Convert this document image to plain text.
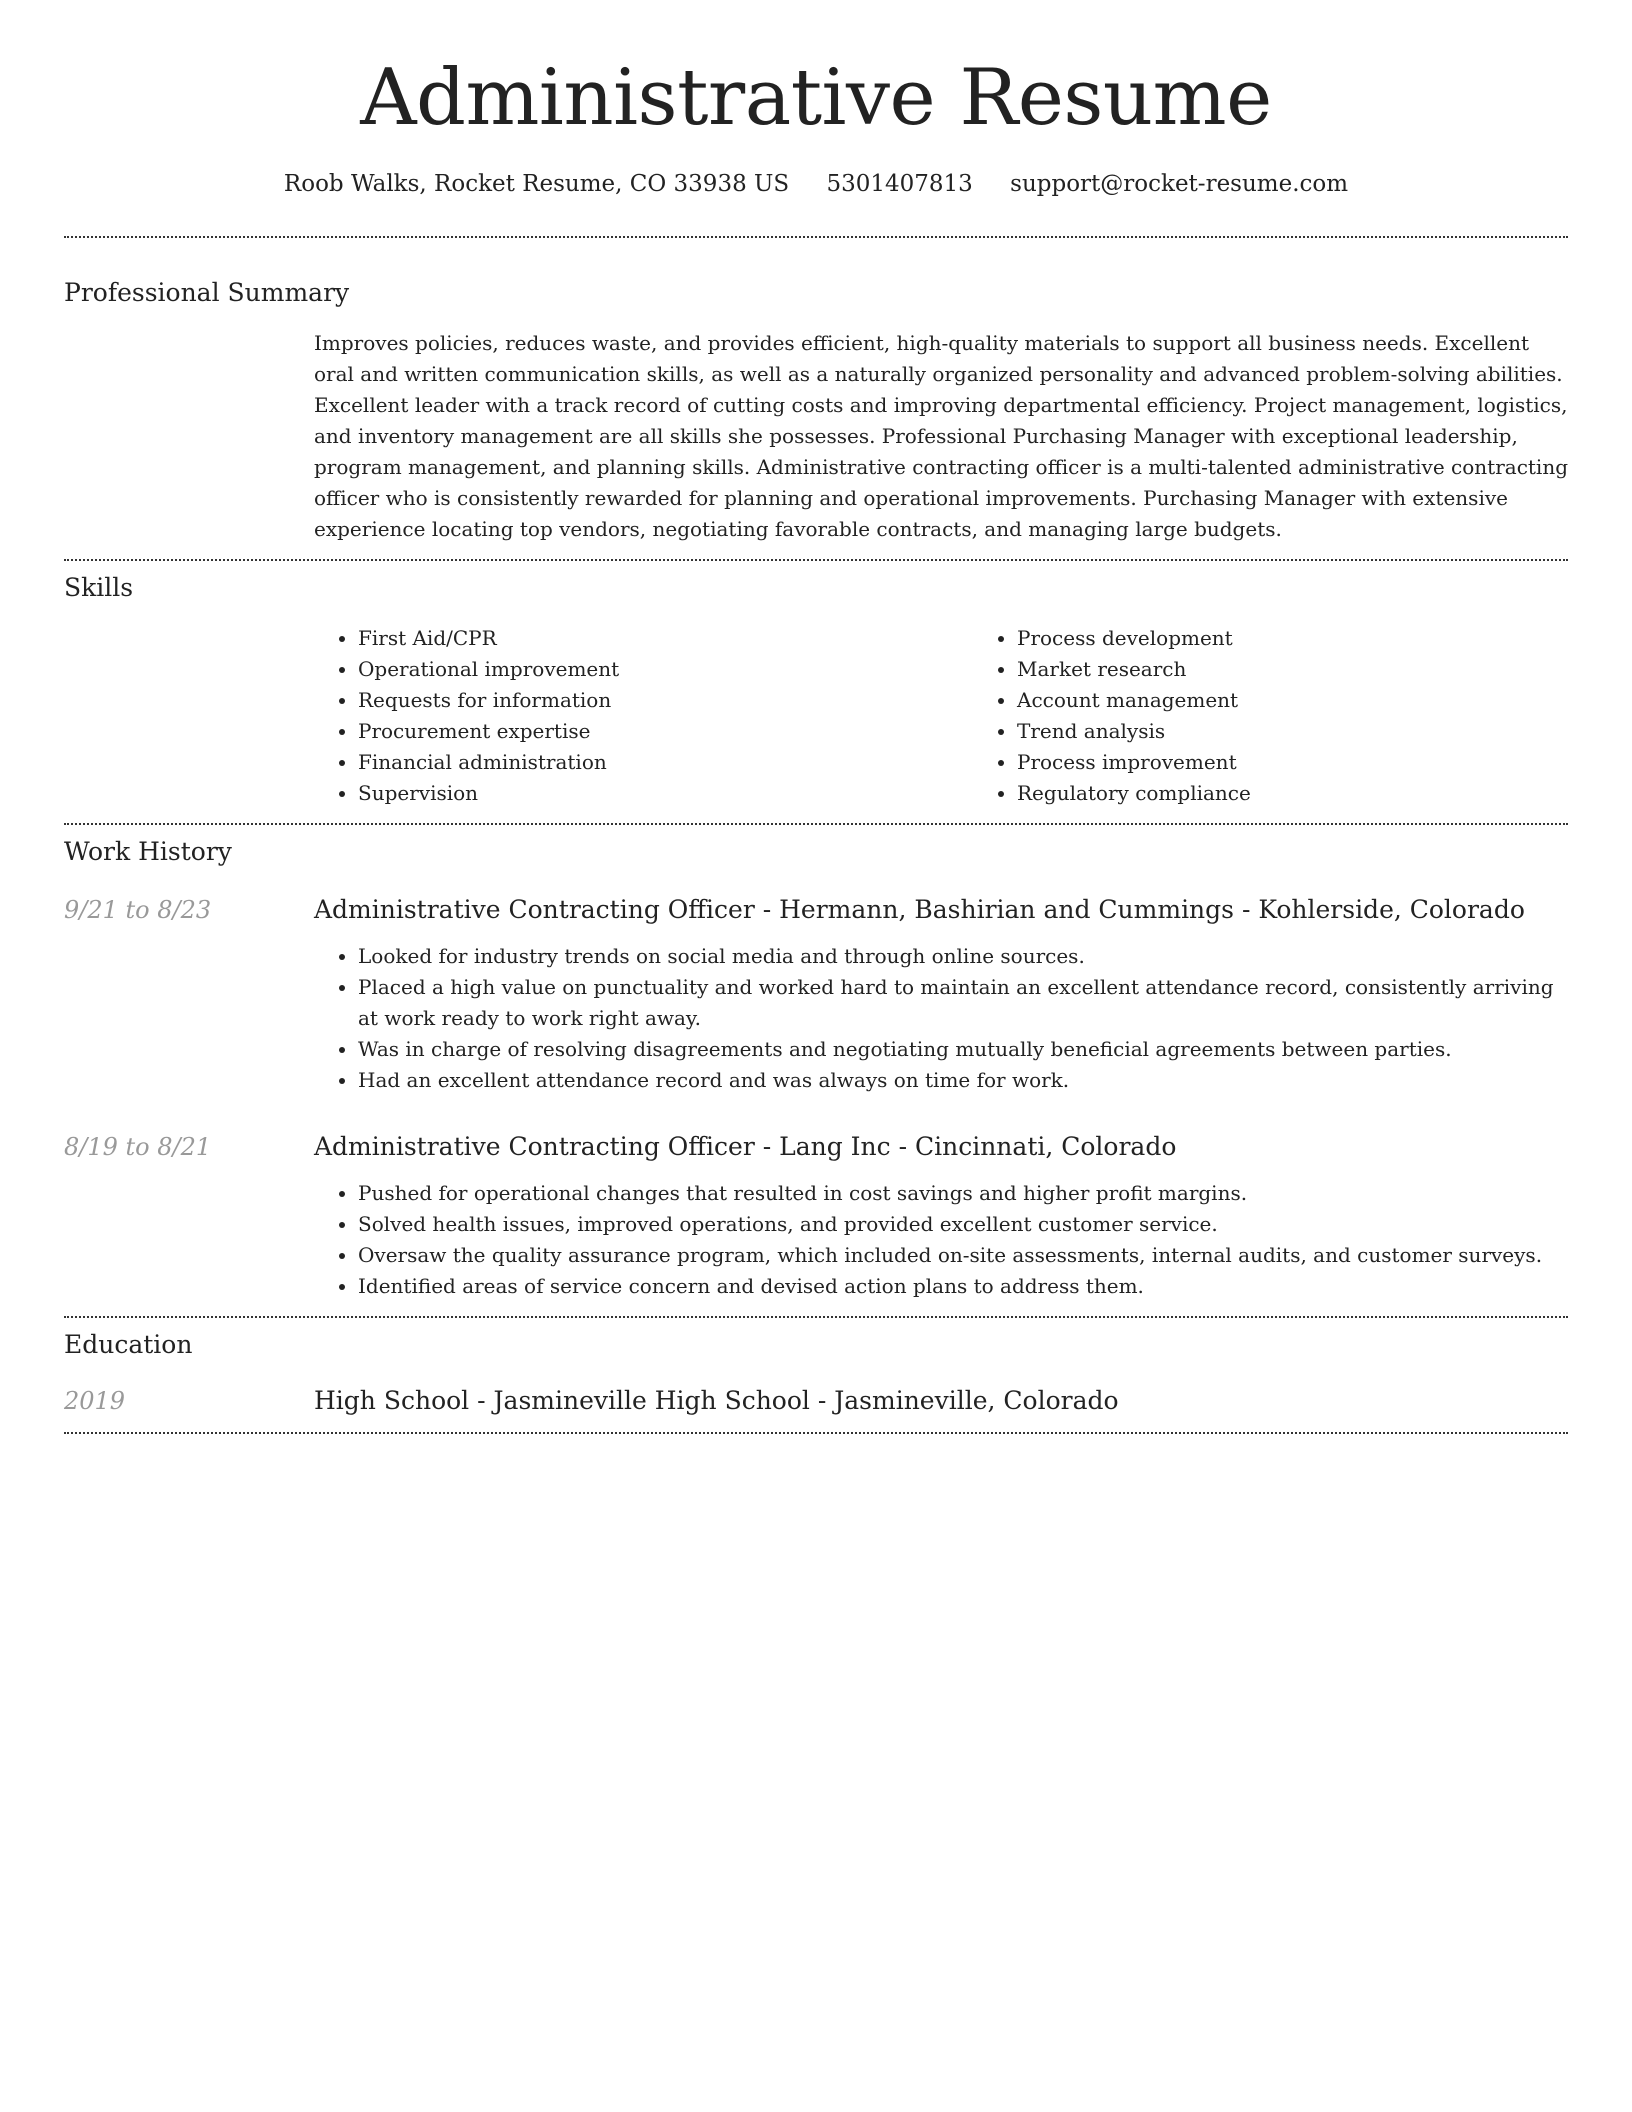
Administrative Resume
Roob Walks, Rocket Resume, CO 33938 US 5301407813 support@rocket-resume.com
Professional Summary

Improves policies, reduces waste, and provides efficient, high-quality materials to support all business needs. Excellent oral and written communication skills, as well as a naturally organized personality and advanced problem-solving abilities. Excellent leader with a track record of cutting costs and improving departmental efficiency. Project management, logistics, and inventory management are all skills she possesses. Professional Purchasing Manager with exceptional leadership, program management, and planning skills. Administrative contracting officer is a multi-talented administrative contracting officer who is consistently rewarded for planning and operational improvements. Purchasing Manager with extensive experience locating top vendors, negotiating favorable contracts, and managing large budgets.

Skills
• First Aid/CPR
• Operational improvement
• Requests for information
• Procurement expertise
• Financial administration
• Supervision
• Process development
• Market research
• Account management
• Trend analysis
• Process improvement
• Regulatory compliance
Work History
9/21 to 8/23	Administrative Contracting Officer - Hermann, Bashirian and Cummings - Kohlerside, Colorado
• Looked for industry trends on social media and through online sources.
• Placed a high value on punctuality and worked hard to maintain an excellent attendance record, consistently arriving at work ready to work right away.
• Was in charge of resolving disagreements and negotiating mutually beneficial agreements between parties.
• Had an excellent attendance record and was always on time for work.
8/19 to 8/21	Administrative Contracting Officer - Lang Inc - Cincinnati, Colorado
• Pushed for operational changes that resulted in cost savings and higher profit margins.
• Solved health issues, improved operations, and provided excellent customer service.
• Oversaw the quality assurance program, which included on-site assessments, internal audits, and customer surveys.
• Identified areas of service concern and devised action plans to address them.
Education
2019	High School - Jasmineville High School - Jasmineville, Colorado
